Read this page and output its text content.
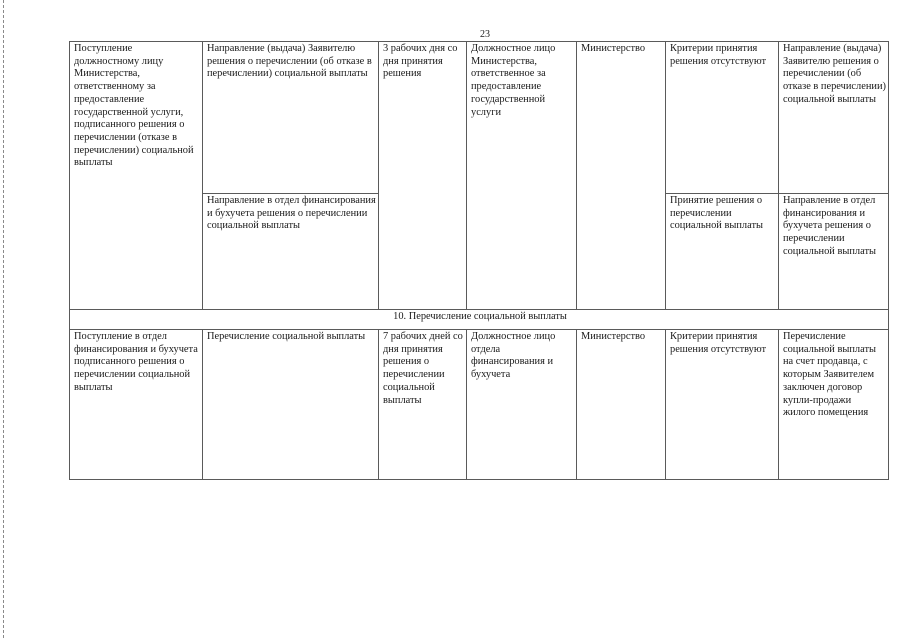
23
Поступление должностному лицу Министерства, ответственному за предоставление государственной услуги, подписанного решения о перечислении (отказе в перечислении) социальной выплаты	Направление (выдача) Заявителю решения о перечислении (об отказе в перечислении) социальной выплаты	3 рабочих дня со дня принятия решения	Должностное лицо Министерства, ответственное за предоставление государственной услуги	Министерство	Критерии принятия решения отсутствуют	Направление (выдача) Заявителю решения о перечислении (об отказе в перечислении) социальной выплаты
	Направление в отдел финансирования и бухучета решения о перечислении социальной выплаты				Принятие решения о перечислении социальной выплаты	Направление в отдел финансирования и бухучета решения о перечислении социальной выплаты
10. Перечисление социальной выплаты						
Поступление в отдел финансирования и бухучета подписанного решения о перечислении социальной выплаты	Перечисление социальной выплаты	7 рабочих дней со дня принятия решения о перечислении социальной выплаты	Должностное лицо отдела финансирования и бухучета	Министерство	Критерии принятия решения отсутствуют	Перечисление социальной выплаты на счет продавца, с которым Заявителем заключен договор купли-продажи жилого помещения
